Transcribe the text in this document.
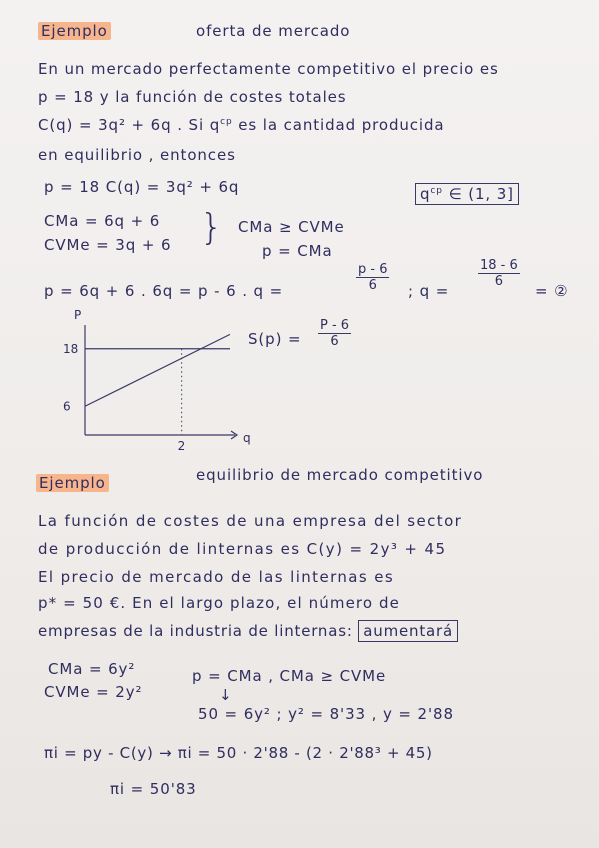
Ejemplo	oferta de mercado
En un mercado perfectamente competitivo el precio es
p = 18 y la función de costes totales
C(q) = 3q² + 6q . Si $q^{cp}$ es la cantidad producida
en equilibrio , entonces
p = 18 C(q) = 3q² + 6q	$q^{cp}$ ∈ (1, 3]
CMa = 6q + 6
CVMe = 3q + 6 } CMa ≥ CVMe
p = CMa
p = 6q + 6 . 6q = p - 6 . q =	$\frac{p - 6}{6}$ ; q =
$\frac{18 - 6}{6}$
= ②
P
q
18
6
2
$S(p) = \frac{P - 6}{6}$
Ejemplo	equilibrio de mercado competitivo
La función de costes de una empresa del sector
de producción de linternas es C(y) = 2y³ + 45
El precio de mercado de las linternas es
p* = 50 €. En el largo plazo, el número de
empresas de la industria de linternas: aumentará
CMa = 6y²
CVMe = 2y²
p = CMa , CMa ≥ CVMe
↓
50 = 6y² ; y² = 8'33 , y = 2'88
πi = py - C(y) → πi = 50 · 2'88 - (2 · 2'88³ + 45)
πi = 50'83
